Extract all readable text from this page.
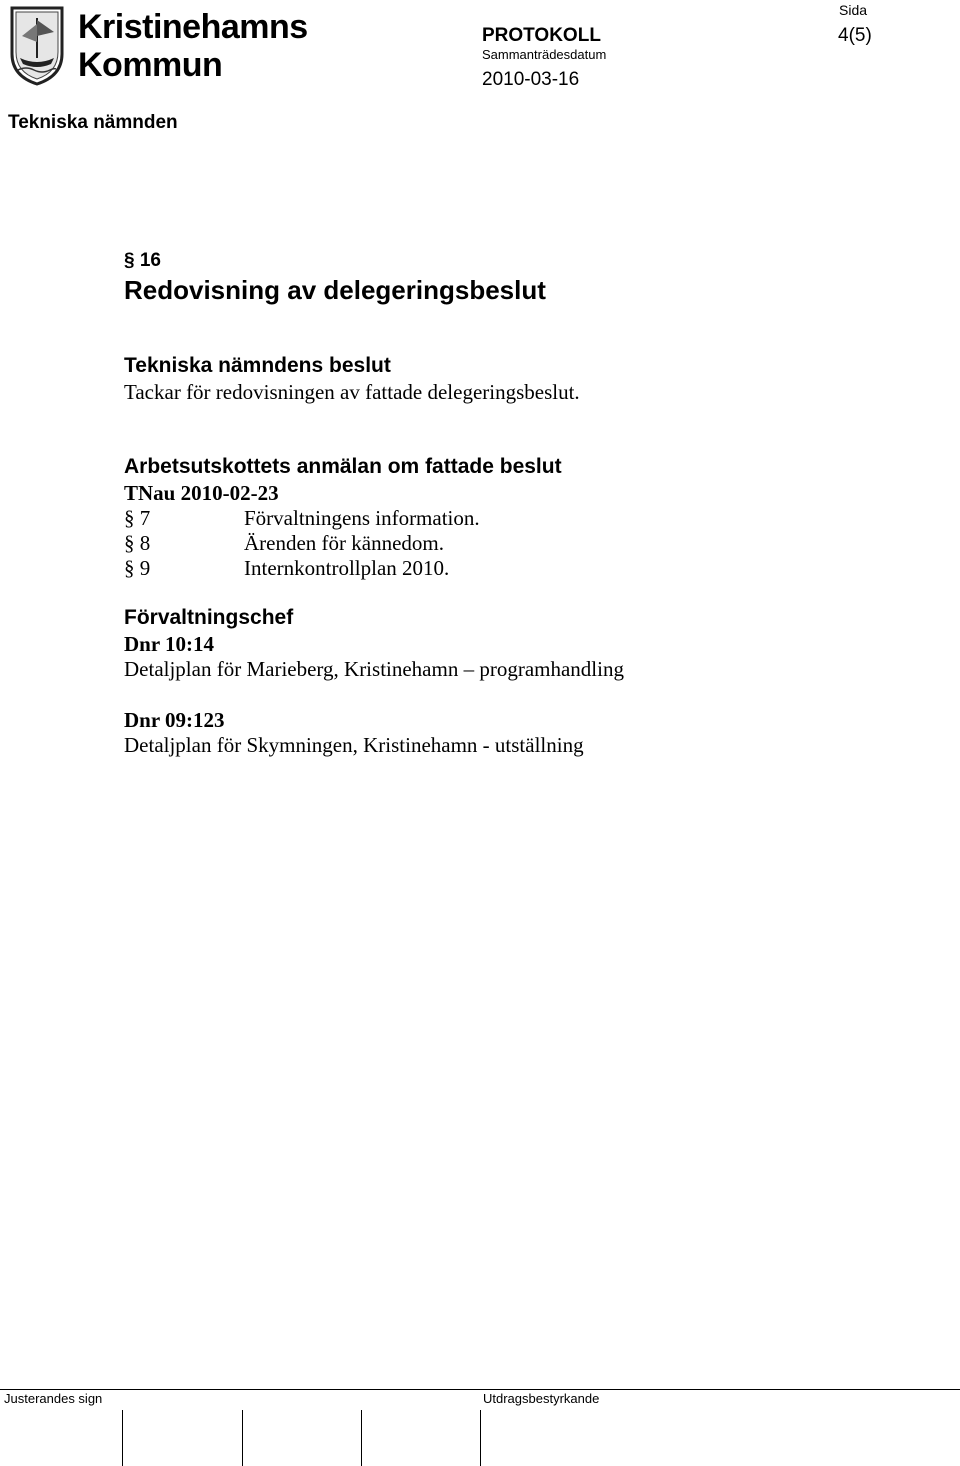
Kristinehamns
Kommun
Sida
4(5)
PROTOKOLL
Sammanträdesdatum
2010-03-16
Tekniska nämnden
§ 16
Redovisning av delegeringsbeslut
Tekniska nämndens beslut
Tackar för redovisningen av fattade delegeringsbeslut.
Arbetsutskottets anmälan om fattade beslut
TNau 2010-02-23
§ 7	Förvaltningens information.
§ 8	Ärenden för kännedom.
§ 9	Internkontrollplan 2010.
Förvaltningschef
Dnr 10:14
Detaljplan för Marieberg, Kristinehamn – programhandling
Dnr 09:123
Detaljplan för Skymningen, Kristinehamn - utställning
Justerandes sign	Utdragsbestyrkande
